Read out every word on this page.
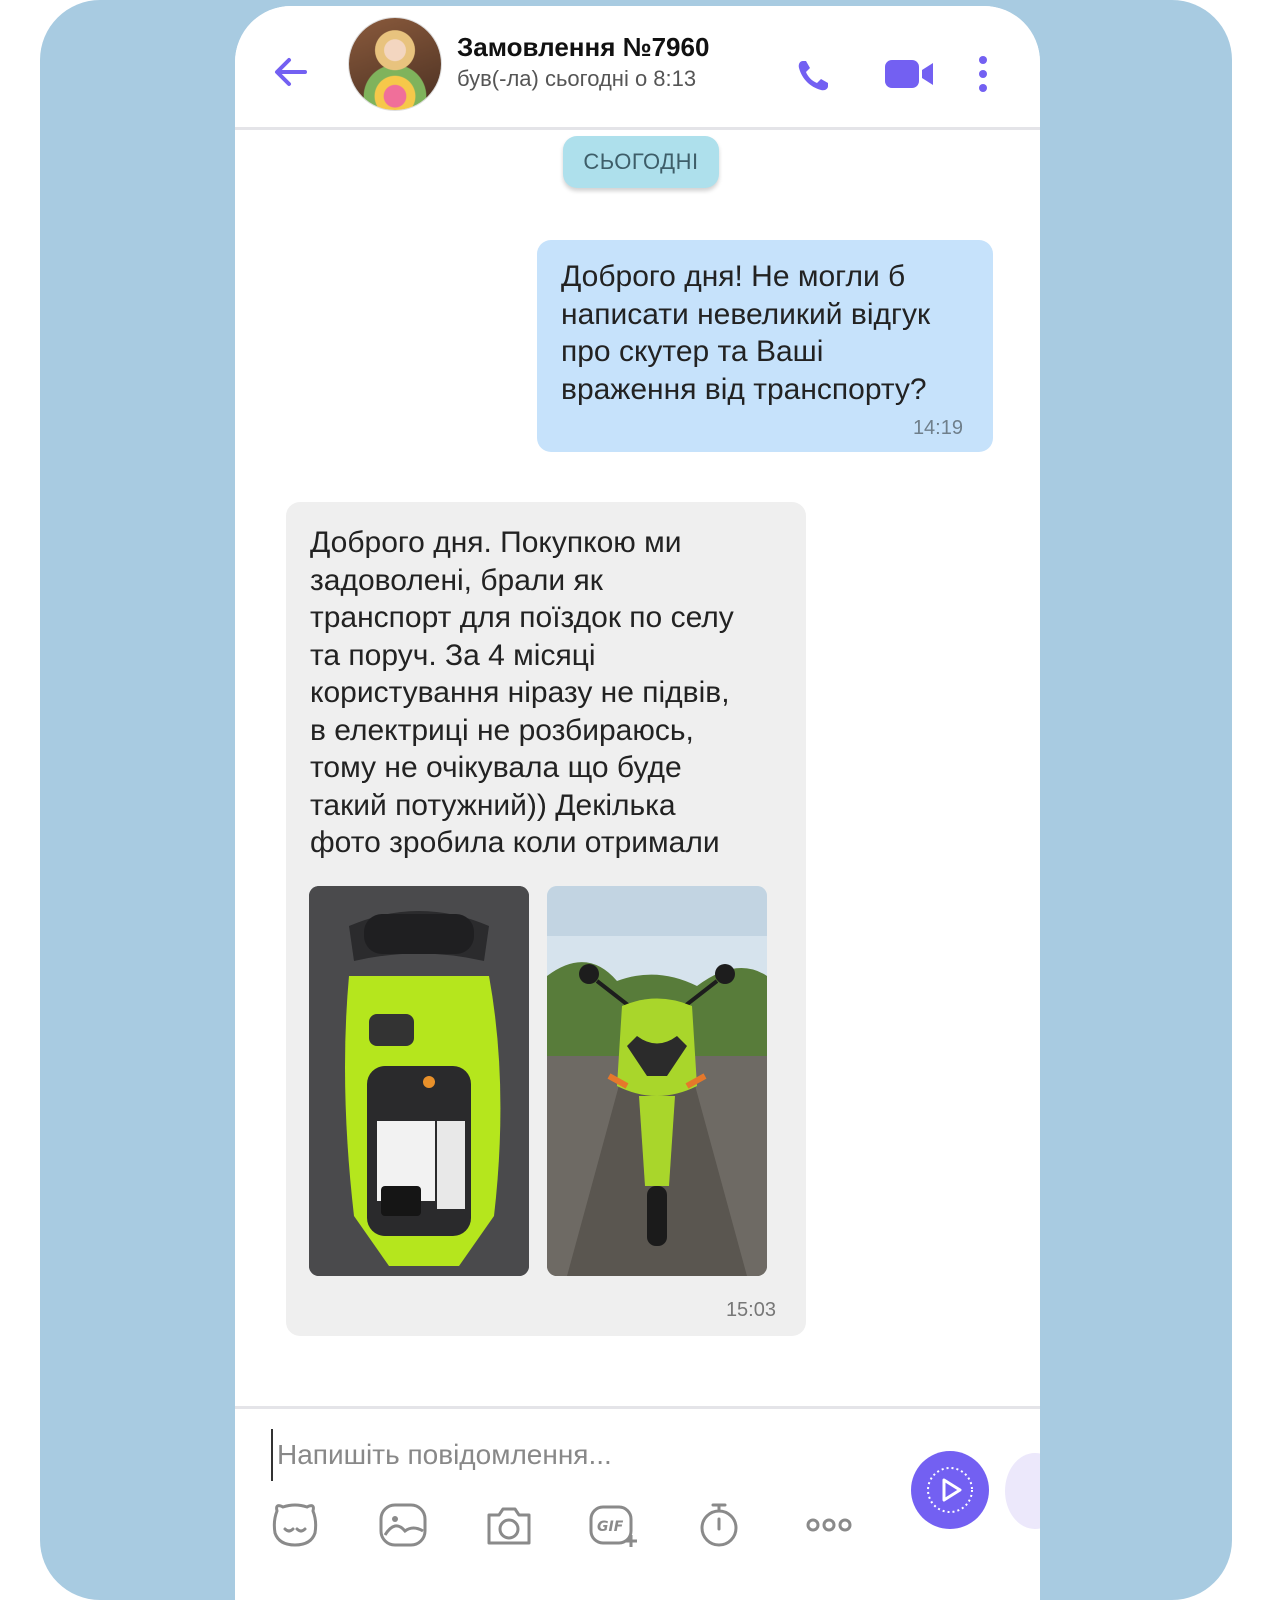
Замовлення №7960
був(-ла) сьогодні о 8:13
СЬОГОДНІ

Доброго дня! Не могли б
написати невеликий відгук
про скутер та Ваші
враження від транспорту?

14:19

Доброго дня. Покупкою ми
задоволені, брали як
транспорт для поїздок по селу
та поруч. За 4 місяці
користування ніразу не підвів,
в електриці не розбираюсь,
тому не очікувала що буде
такий потужний)) Декілька
фото зробила коли отримали

15:03
Напишіть повідомлення...
GIF
